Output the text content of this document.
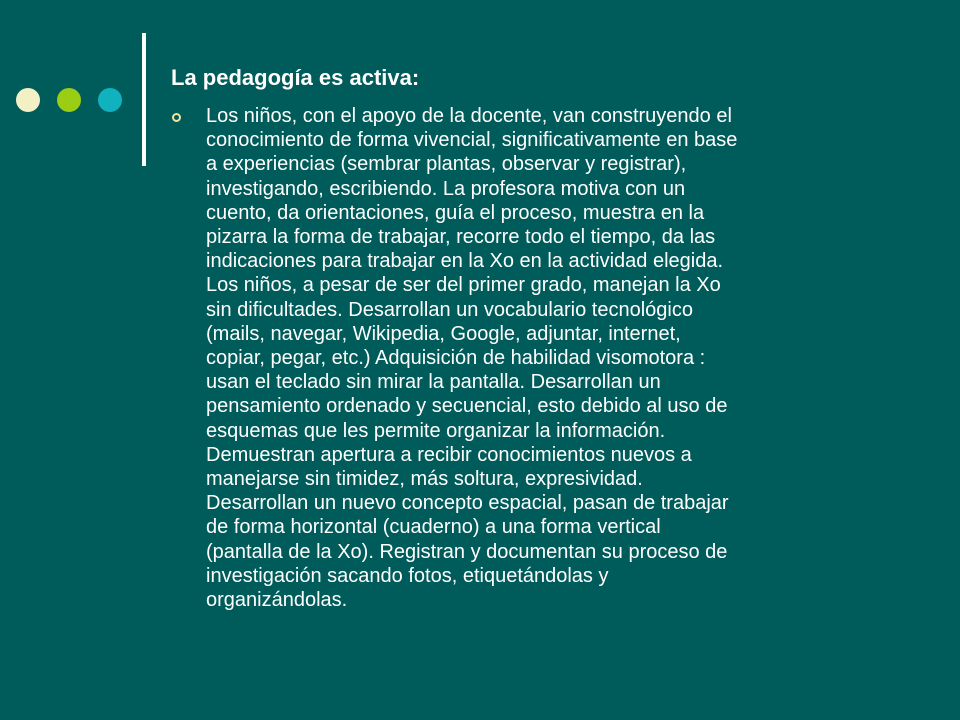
La pedagogía es activa:
Los niños, con el apoyo de la docente, van construyendo el
conocimiento de forma vivencial, significativamente en base
a experiencias (sembrar plantas, observar y registrar),
investigando, escribiendo. La profesora motiva con un
cuento, da orientaciones, guía el proceso, muestra en la
pizarra la forma de trabajar, recorre todo el tiempo, da las
indicaciones para trabajar en la Xo en la actividad elegida.
Los niños, a pesar de ser del primer grado, manejan la Xo
sin dificultades. Desarrollan un vocabulario tecnológico
(mails, navegar, Wikipedia, Google, adjuntar, internet,
copiar, pegar, etc.) Adquisición de habilidad visomotora :
usan el teclado sin mirar la pantalla. Desarrollan un
pensamiento ordenado y secuencial, esto debido al uso de
esquemas que les permite organizar la información.
Demuestran apertura a recibir conocimientos nuevos a
manejarse sin timidez, más soltura, expresividad.
Desarrollan un nuevo concepto espacial, pasan de trabajar
de forma horizontal (cuaderno) a una forma vertical
(pantalla de la Xo). Registran y documentan su proceso de
investigación sacando fotos, etiquetándolas y
organizándolas.
